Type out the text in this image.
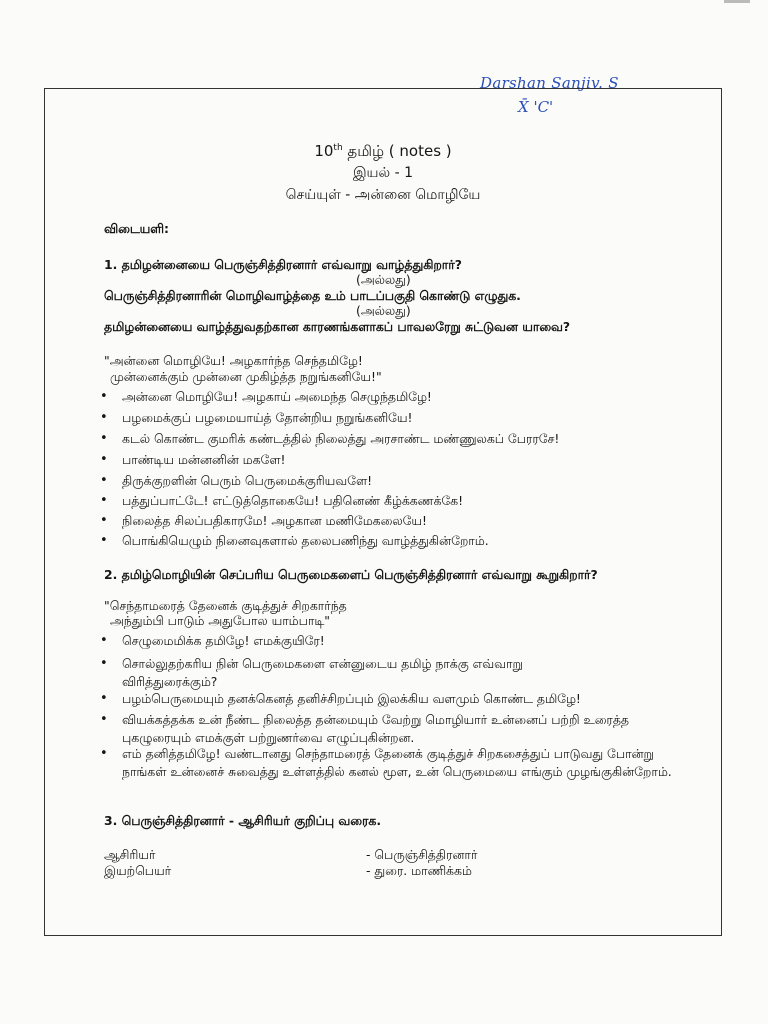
Darshan Sanjiv. S
X̄ 'C'
10th தமிழ் ( notes )
இயல் - 1
செய்யுள் - அன்னை மொழியே
விடையளி:
1. தமிழன்னையை பெருஞ்சித்திரனார் எவ்வாறு வாழ்த்துகிறார்?
(அல்லது)
பெருஞ்சித்திரனாரின் மொழிவாழ்த்தை உம் பாடப்பகுதி கொண்டு எழுதுக.
(அல்லது)
தமிழன்னையை வாழ்த்துவதற்கான காரணங்களாகப் பாவலரேறு சுட்டுவன யாவை?
"அன்னை மொழியே! அழகார்ந்த செந்தமிழே!
முன்னைக்கும் முன்னை முகிழ்த்த நறுங்கனியே!"
• அன்னை மொழியே! அழகாய் அமைந்த செழுந்தமிழே!
• பழமைக்குப் பழமையாய்த் தோன்றிய நறுங்கனியே!
• கடல் கொண்ட குமரிக் கண்டத்தில் நிலைத்து அரசாண்ட மண்ணுலகப் பேரரசே!
• பாண்டிய மன்னனின் மகளே!
• திருக்குறளின் பெரும் பெருமைக்குரியவளே!
• பத்துப்பாட்டே! எட்டுத்தொகையே! பதினெண் கீழ்க்கணக்கே!
• நிலைத்த சிலப்பதிகாரமே! அழகான மணிமேகலையே!
• பொங்கியெழும் நினைவுகளால் தலைபணிந்து வாழ்த்துகின்றோம்.
2. தமிழ்மொழியின் செப்பரிய பெருமைகளைப் பெருஞ்சித்திரனார் எவ்வாறு கூறுகிறார்?
"செந்தாமரைத் தேனைக் குடித்துச் சிறகார்ந்த
அந்தும்பி பாடும் அதுபோல யாம்பாடி"
• செழுமைமிக்க தமிழே! எமக்குயிரே!
• சொல்லுதற்கரிய நின் பெருமைகளை என்னுடைய தமிழ் நாக்கு எவ்வாறு விரித்துரைக்கும்?
• பழம்பெருமையும் தனக்கெனத் தனிச்சிறப்பும் இலக்கிய வளமும் கொண்ட தமிழே!
• வியக்கத்தக்க உன் நீண்ட நிலைத்த தன்மையும் வேற்று மொழியார் உன்னைப் பற்றி உரைத்த புகழுரையும் எமக்குள் பற்றுணர்வை எழுப்புகின்றன.
• எம் தனித்தமிழே! வண்டானது செந்தாமரைத் தேனைக் குடித்துச் சிறகசைத்துப் பாடுவது போன்று நாங்கள் உன்னைச் சுவைத்து உள்ளத்தில் கனல் மூள, உன் பெருமையை எங்கும் முழங்குகின்றோம்.
3. பெருஞ்சித்திரனார் - ஆசிரியர் குறிப்பு வரைக.
ஆசிரியர்	- பெருஞ்சித்திரனார்
இயற்பெயர்	- துரை. மாணிக்கம்
